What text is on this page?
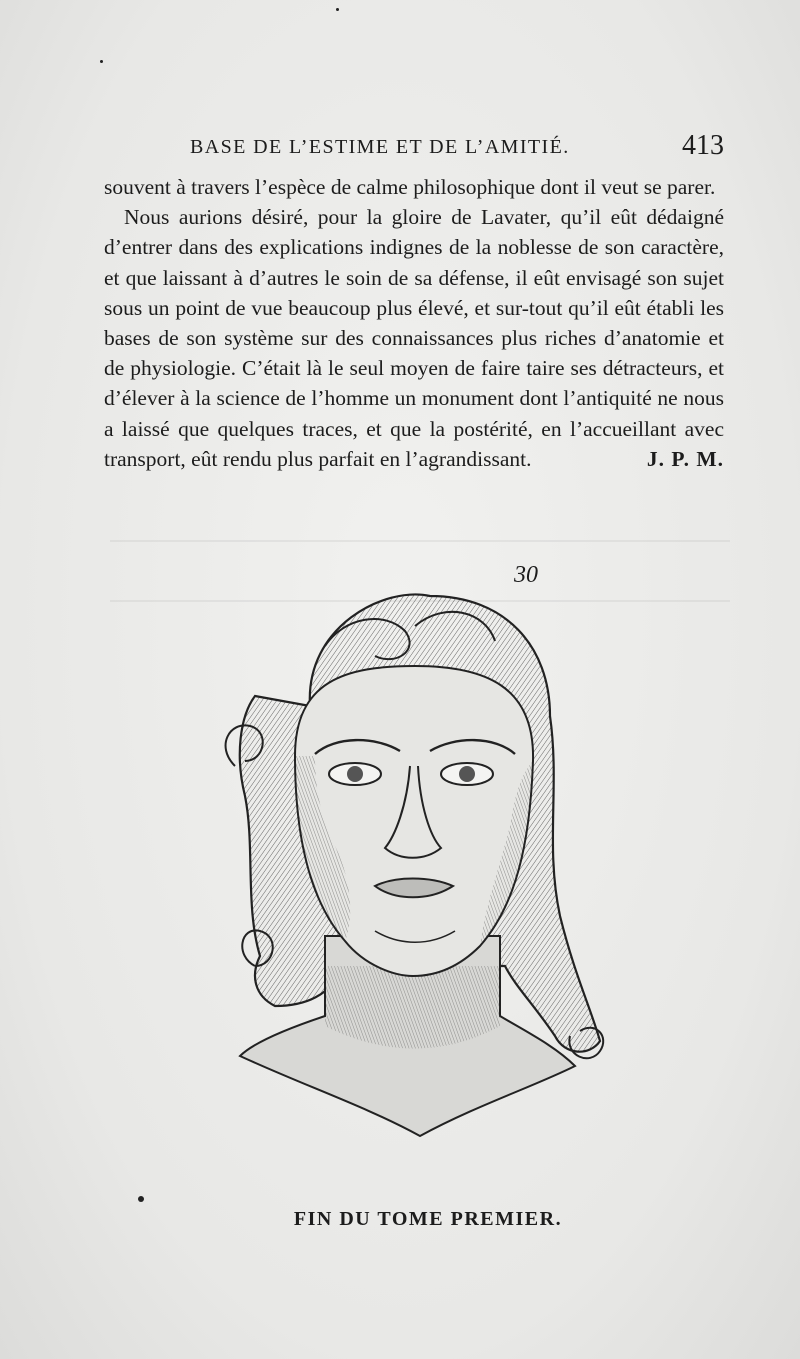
BASE DE L’ESTIME ET DE L’AMITIÉ.	413

souvent à travers l’espèce de calme philosophique dont il veut se parer.

Nous aurions désiré, pour la gloire de Lavater, qu’il eût dédaigné d’entrer dans des explications indignes de la noblesse de son caractère, et que laissant à d’autres le soin de sa défense, il eût envisagé son sujet sous un point de vue beaucoup plus élevé, et sur-tout qu’il eût établi les bases de son système sur des connaissances plus riches d’anatomie et de physiologie. C’était là le seul moyen de faire taire ses détracteurs, et d’élever à la science de l’homme un monument dont l’antiquité ne nous a laissé que quelques traces, et que la postérité, en l’accueillant avec transport, eût rendu plus parfait en l’agrandissant.	J. P. M.

30
FIN DU TOME PREMIER.
